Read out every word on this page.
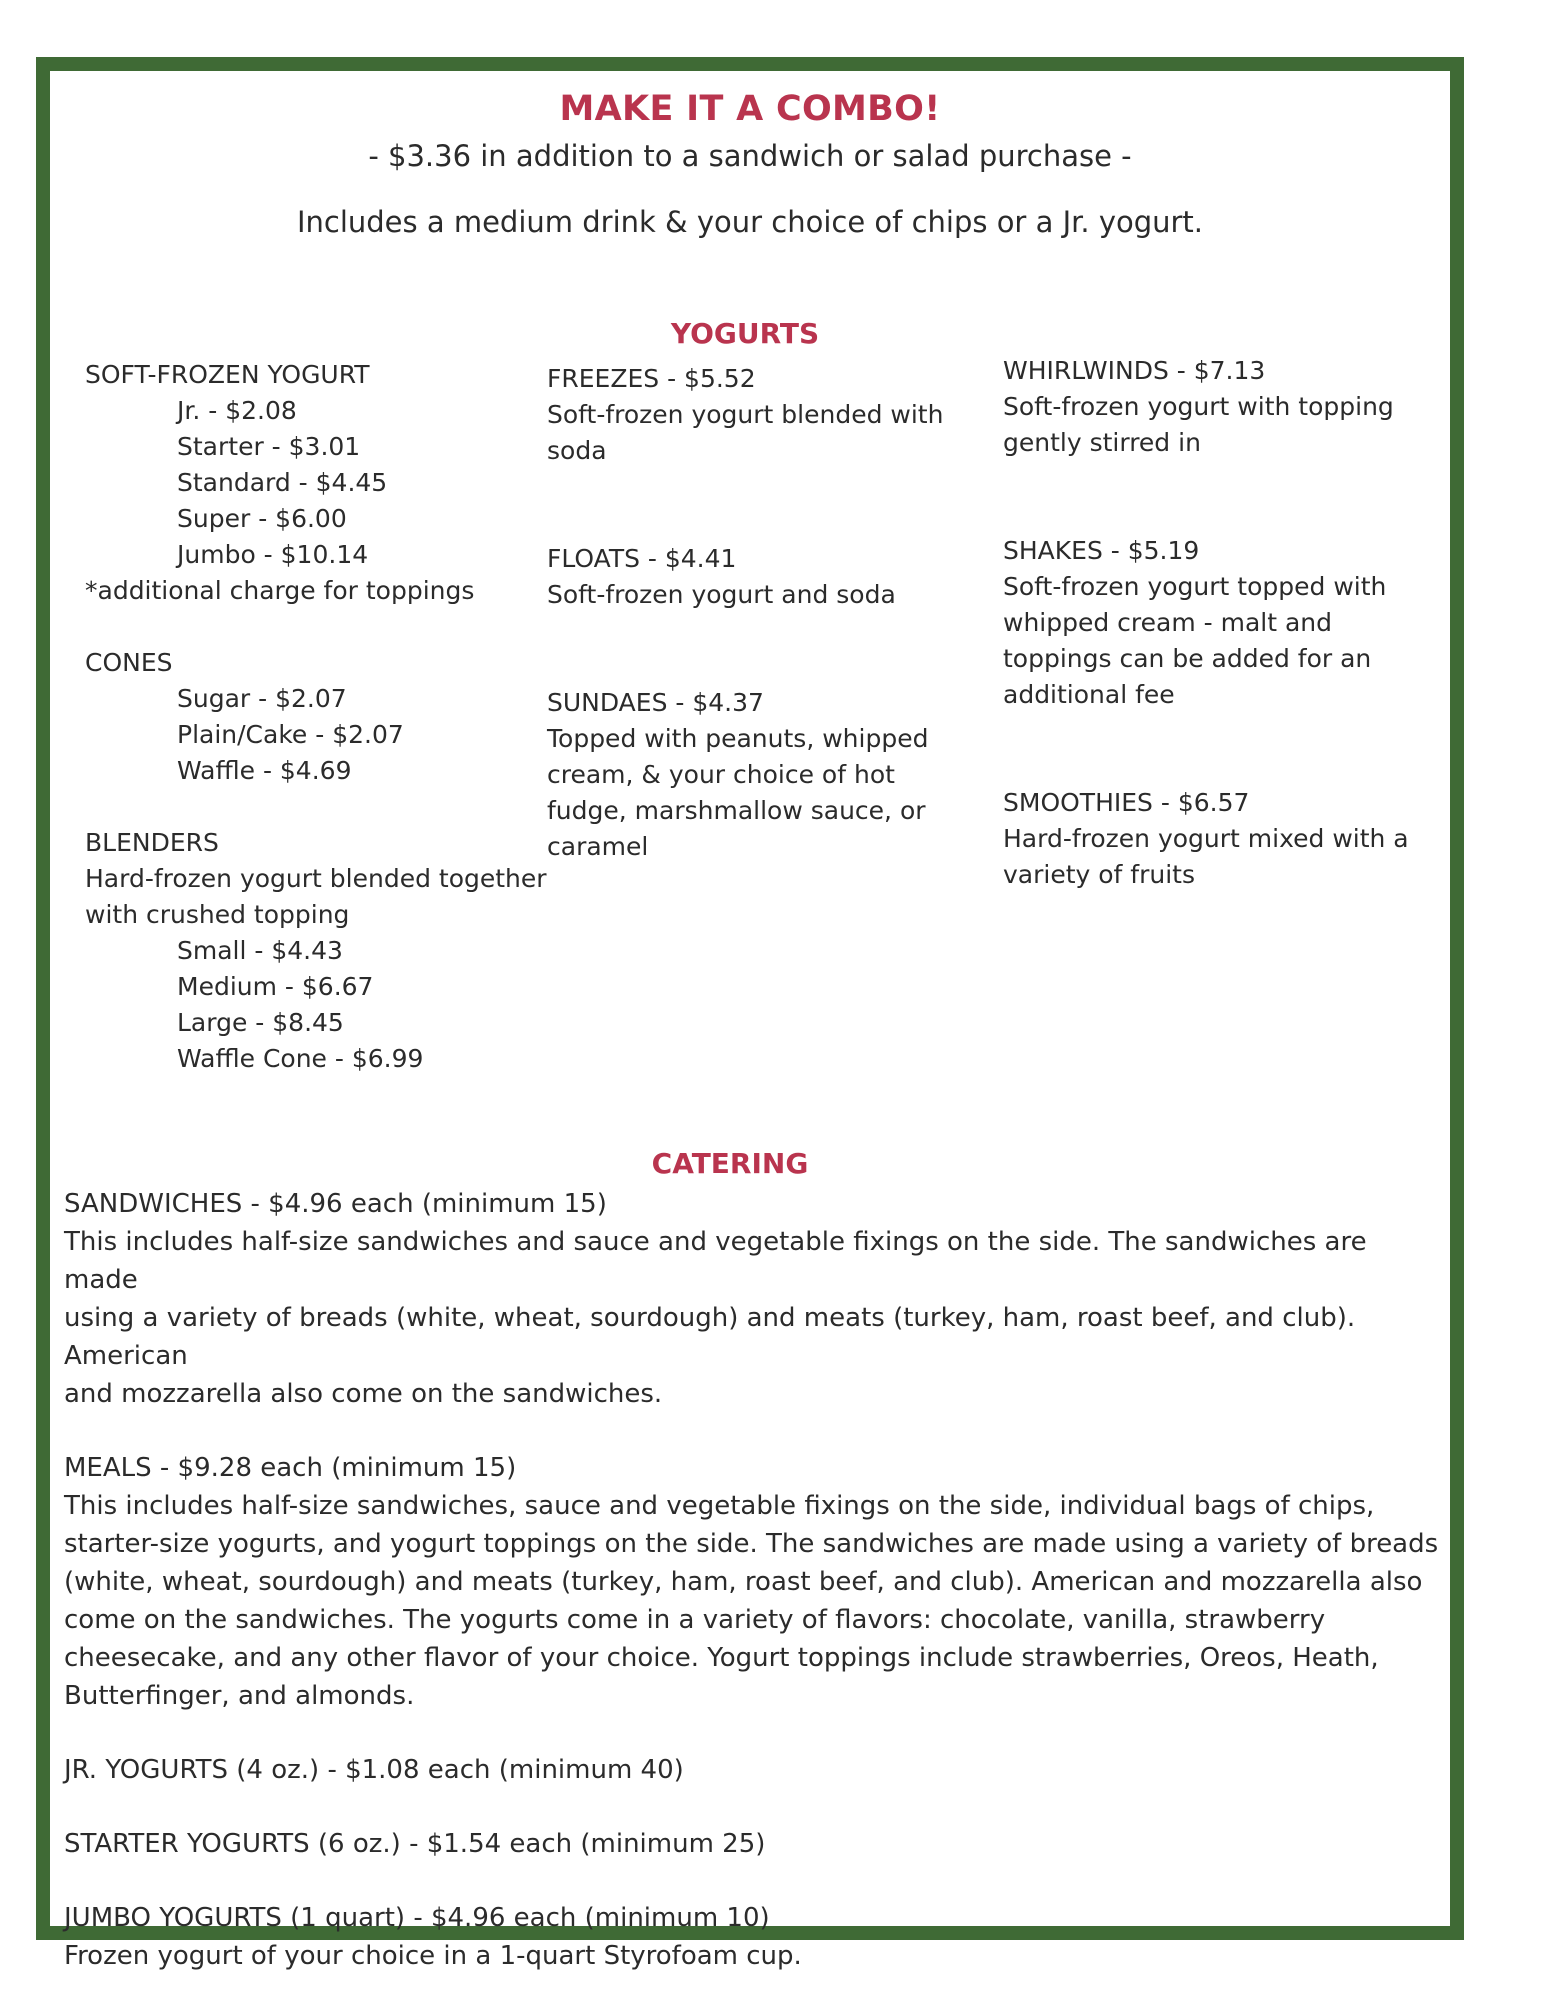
MAKE IT A COMBO!
- $3.36 in addition to a sandwich or salad purchase -
Includes a medium drink & your choice of chips or a Jr. yogurt.
YOGURTS

SOFT-FROZEN YOGURT

Jr. - $2.08

Starter - $3.01

Standard - $4.45

Super - $6.00

Jumbo - $10.14

*additional charge for toppings

CONES

Sugar - $2.07

Plain/Cake - $2.07

Waffle - $4.69

BLENDERS

Hard-frozen yogurt blended together

with crushed topping

Small - $4.43

Medium - $6.67

Large - $8.45

Waffle Cone - $6.99

FREEZES - $5.52

Soft-frozen yogurt blended with

soda

FLOATS - $4.41

Soft-frozen yogurt and soda

SUNDAES - $4.37

Topped with peanuts, whipped

cream, & your choice of hot

fudge, marshmallow sauce, or

caramel

WHIRLWINDS - $7.13

Soft-frozen yogurt with topping

gently stirred in

SHAKES - $5.19

Soft-frozen yogurt topped with

whipped cream - malt and

toppings can be added for an

additional fee

SMOOTHIES - $6.57

Hard-frozen yogurt mixed with a

variety of fruits

CATERING

SANDWICHES - $4.96 each (minimum 15)

This includes half-size sandwiches and sauce and vegetable fixings on the side. The sandwiches are made

using a variety of breads (white, wheat, sourdough) and meats (turkey, ham, roast beef, and club). American

and mozzarella also come on the sandwiches.

MEALS - $9.28 each (minimum 15)

This includes half-size sandwiches, sauce and vegetable fixings on the side, individual bags of chips,

starter-size yogurts, and yogurt toppings on the side. The sandwiches are made using a variety of breads

(white, wheat, sourdough) and meats (turkey, ham, roast beef, and club). American and mozzarella also

come on the sandwiches. The yogurts come in a variety of flavors: chocolate, vanilla, strawberry

cheesecake, and any other flavor of your choice. Yogurt toppings include strawberries, Oreos, Heath,

Butterfinger, and almonds.

JR. YOGURTS (4 oz.) - $1.08 each (minimum 40)

STARTER YOGURTS (6 oz.) - $1.54 each (minimum 25)

JUMBO YOGURTS (1 quart) - $4.96 each (minimum 10)

Frozen yogurt of your choice in a 1-quart Styrofoam cup.
